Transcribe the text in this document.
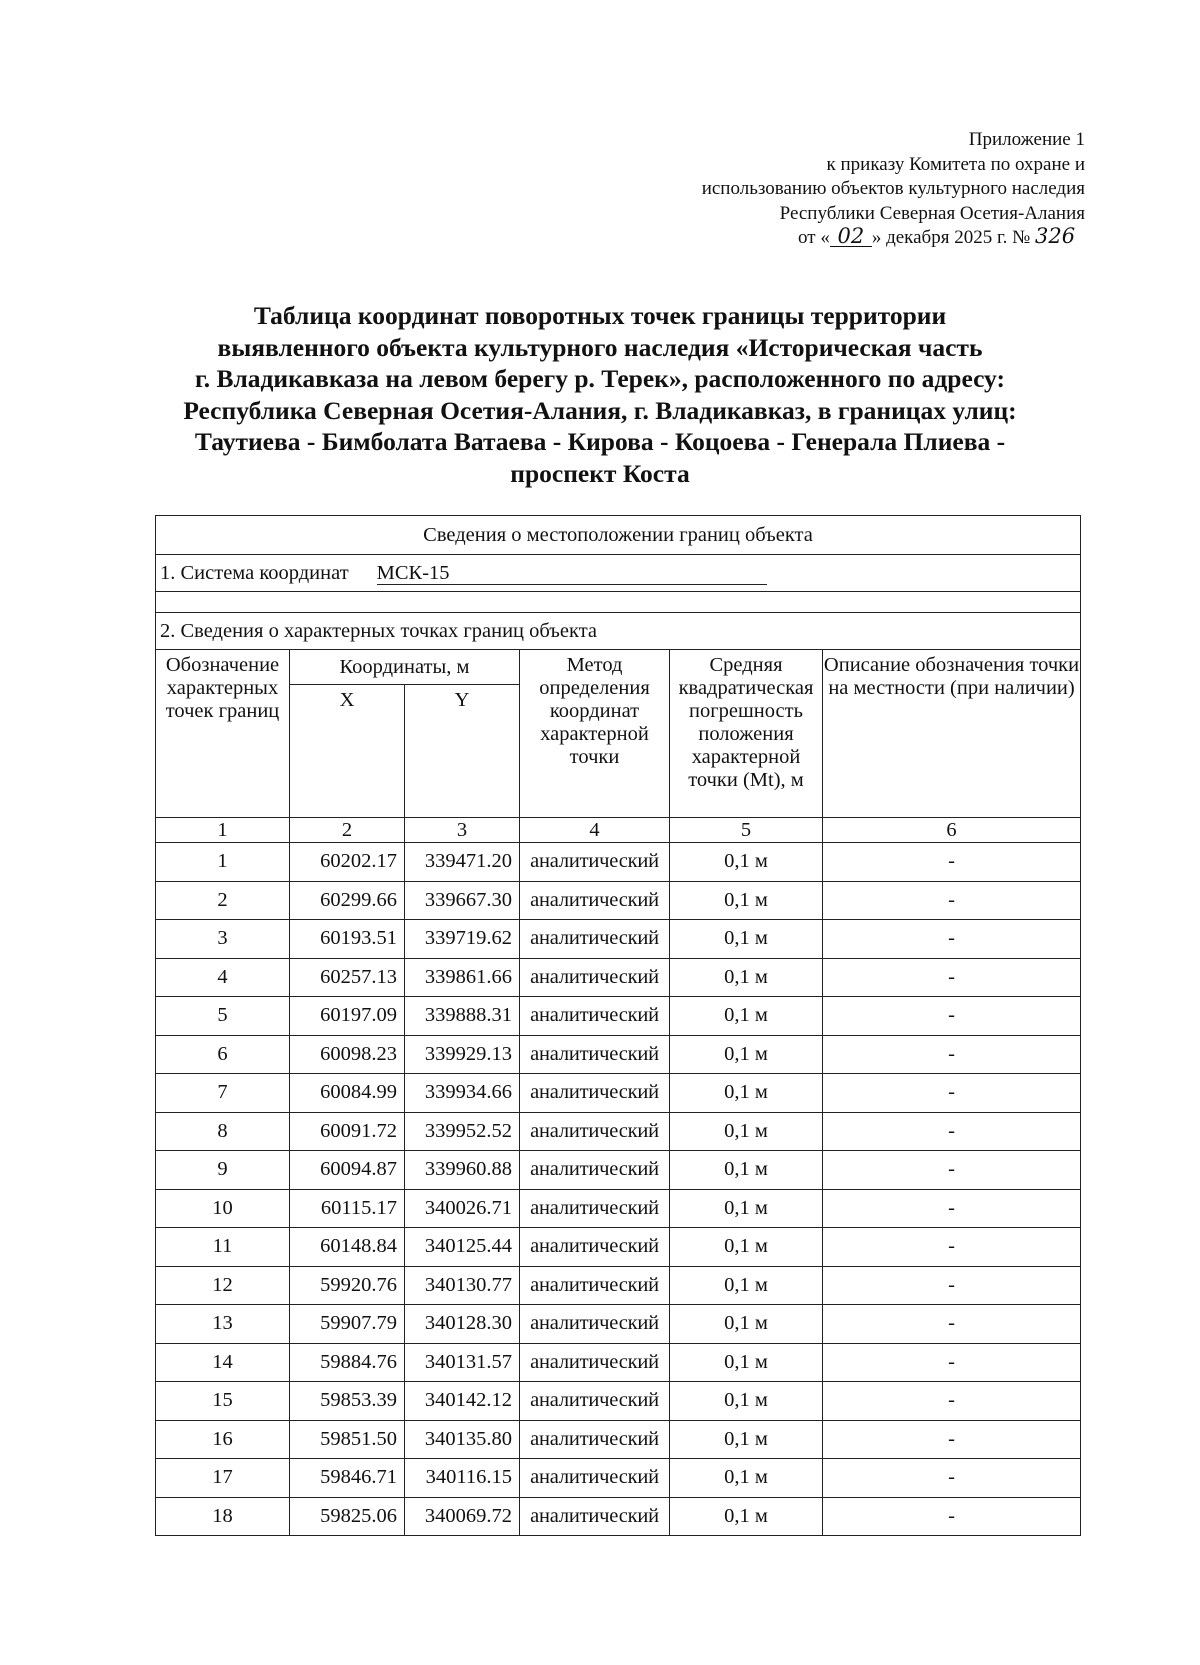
Приложение 1
к приказу Комитета по охране и
использованию объектов культурного наследия
Республики Северная Осетия-Алания
от « 02 » декабря 2025 г. № 326
Таблица координат поворотных точек границы территории
выявленного объекта культурного наследия «Историческая часть
г. Владикавказа на левом берегу р. Терек», расположенного по адресу:
Республика Северная Осетия-Алания, г. Владикавказ, в границах улиц:
Таутиева - Бимболата Ватаева - Кирова - Коцоева - Генерала Плиева -
проспект Коста
Сведения о местоположении границ объекта					
1. Система координат МСК-15					

2. Сведения о характерных точках границ объекта					
Обозначение характерных точек границ	Координаты, м		Метод определения координат характерной точки	Средняя квадратическая погрешность положения характерной точки (Mt), м	Описание обозначения точки на местности (при наличии)
	X	Y			
1	2	3	4	5	6
1	60202.17	339471.20	аналитический	0,1 м	-
2	60299.66	339667.30	аналитический	0,1 м	-
3	60193.51	339719.62	аналитический	0,1 м	-
4	60257.13	339861.66	аналитический	0,1 м	-
5	60197.09	339888.31	аналитический	0,1 м	-
6	60098.23	339929.13	аналитический	0,1 м	-
7	60084.99	339934.66	аналитический	0,1 м	-
8	60091.72	339952.52	аналитический	0,1 м	-
9	60094.87	339960.88	аналитический	0,1 м	-
10	60115.17	340026.71	аналитический	0,1 м	-
11	60148.84	340125.44	аналитический	0,1 м	-
12	59920.76	340130.77	аналитический	0,1 м	-
13	59907.79	340128.30	аналитический	0,1 м	-
14	59884.76	340131.57	аналитический	0,1 м	-
15	59853.39	340142.12	аналитический	0,1 м	-
16	59851.50	340135.80	аналитический	0,1 м	-
17	59846.71	340116.15	аналитический	0,1 м	-
18	59825.06	340069.72	аналитический	0,1 м	-
